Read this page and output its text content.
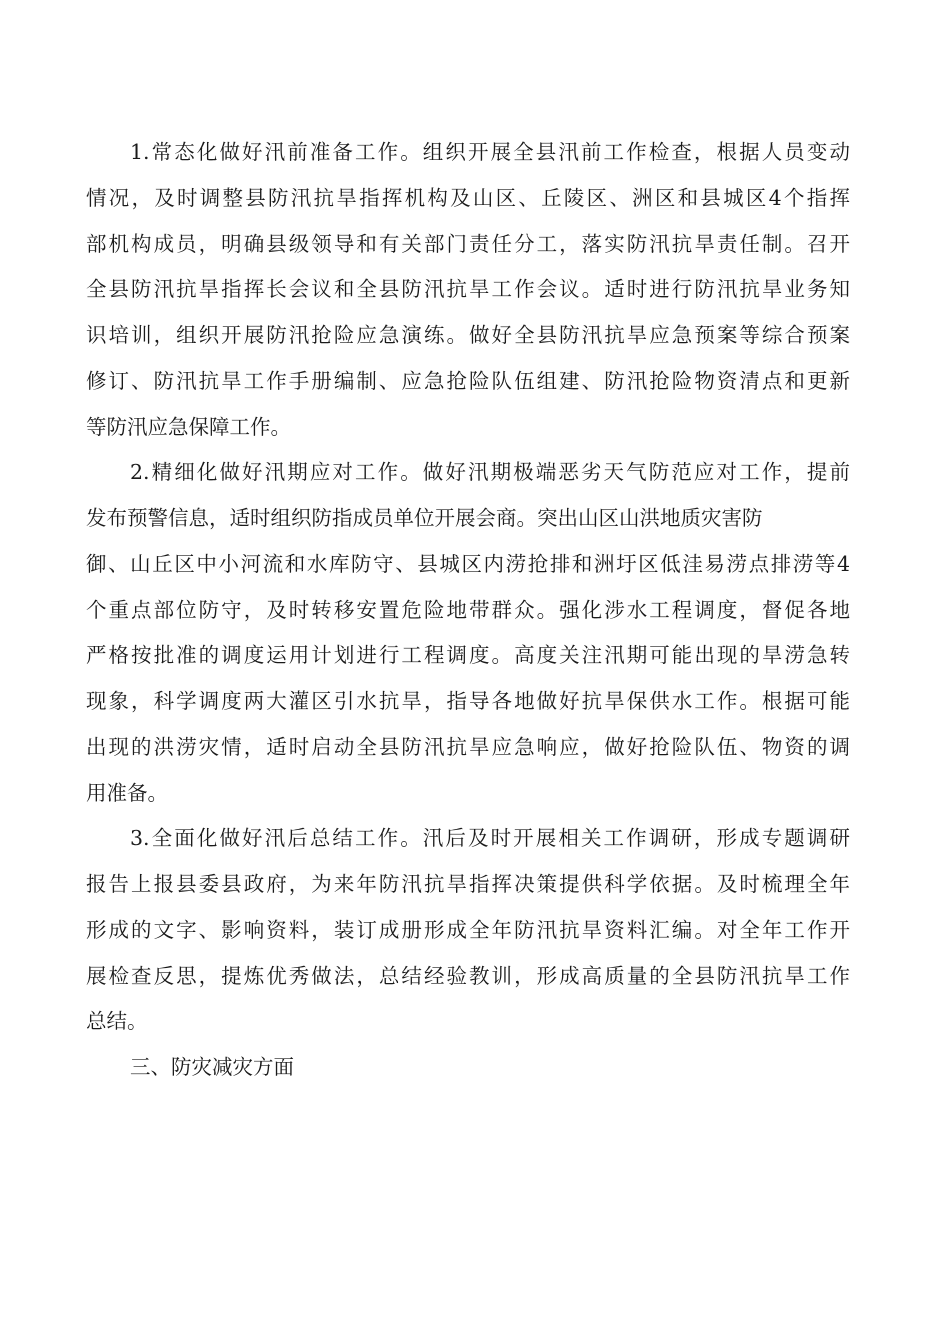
1.常态化做好汛前准备工作。组织开展全县汛前工作检查，根据人员变动
情况，及时调整县防汛抗旱指挥机构及山区、丘陵区、洲区和县城区4个指挥
部机构成员，明确县级领导和有关部门责任分工，落实防汛抗旱责任制。召开
全县防汛抗旱指挥长会议和全县防汛抗旱工作会议。适时进行防汛抗旱业务知
识培训，组织开展防汛抢险应急演练。做好全县防汛抗旱应急预案等综合预案
修订、防汛抗旱工作手册编制、应急抢险队伍组建、防汛抢险物资清点和更新
等防汛应急保障工作。
2.精细化做好汛期应对工作。做好汛期极端恶劣天气防范应对工作，提前
发布预警信息，适时组织防指成员单位开展会商。突出山区山洪地质灾害防
御、山丘区中小河流和水库防守、县城区内涝抢排和洲圩区低洼易涝点排涝等4
个重点部位防守，及时转移安置危险地带群众。强化涉水工程调度，督促各地
严格按批准的调度运用计划进行工程调度。高度关注汛期可能出现的旱涝急转
现象，科学调度两大灌区引水抗旱，指导各地做好抗旱保供水工作。根据可能
出现的洪涝灾情，适时启动全县防汛抗旱应急响应，做好抢险队伍、物资的调
用准备。
3.全面化做好汛后总结工作。汛后及时开展相关工作调研，形成专题调研
报告上报县委县政府，为来年防汛抗旱指挥决策提供科学依据。及时梳理全年
形成的文字、影响资料，装订成册形成全年防汛抗旱资料汇编。对全年工作开
展检查反思，提炼优秀做法，总结经验教训，形成高质量的全县防汛抗旱工作
总结。
三、防灾减灾方面
